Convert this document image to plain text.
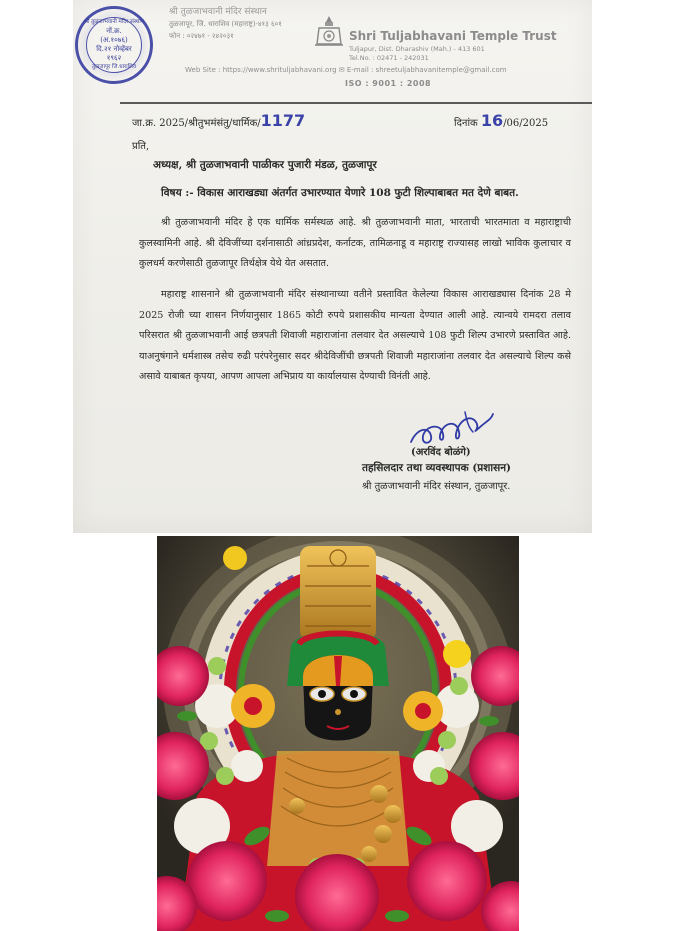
श्री तुळजाभवानी मंदिर संस्थान
नों.क्र.
(अ.१०७६)
दि.२१ नोव्हेंबर
१९६२
तुळजापूर जि.धाराशिव
श्री तुळजाभवानी मंदिर संस्थान
तुळजापूर, जि. धाराशिव (महाराष्ट्र)-४१३ ६०१
फोन : ०२४७१ - २४२०३१	Shri Tuljabhavani Temple Trust
Tuljapur, Dist. Dharashiv (Mah.) - 413 601
Tel.No. : 02471 - 242031
Web Site : https://www.shrituljabhavani.org ✉ E-mail : shreetuljabhavanitemple@gmail.com
ISO : 9001 : 2008
जा.क्र. 2025/श्रीतुभमंसंतु/धार्मिक/1177	दिनांक 16/06/2025
प्रति,
अध्यक्ष, श्री तुळजाभवानी पाळीकर पुजारी मंडळ, तुळजापूर
विषय :- विकास आराखड्या अंतर्गत उभारण्यात येणारे 108 फुटी शिल्पाबाबत मत देणे बाबत.
श्री तुळजाभवानी मंदिर हे एक धार्मिक सर्मस्थळ आहे. श्री तुळजाभवानी माता, भारताची भारतमाता व महाराष्ट्राची कुलस्वामिनी आहे. श्री देविजींच्या दर्शनासाठी आंध्रप्रदेश, कर्नाटक, तामिळनाडू व महाराष्ट्र राज्यासह लाखो भाविक कुलाचार व कुलधर्म करणेसाठी तुळजापूर तिर्थक्षेत्र येथे येत असतात.
महाराष्ट्र शासनाने श्री तुळजाभवानी मंदिर संस्थानाच्या वतीने प्रस्तावित केलेल्या विकास आराखड्यास दिनांक 28 मे 2025 रोजी च्या शासन निर्णयानुसार 1865 कोटी रुपये प्रशासकीय मान्यता देण्यात आली आहे. त्यान्वये रामदरा तलाव परिसरात श्री तुळजाभवानी आई छत्रपती शिवाजी महाराजांना तलवार देत असल्याचे 108 फुटी शिल्प उभारणे प्रस्तावित आहे. याअनुषंगाने धर्मशास्त्र तसेच रुढी परंपरेनुसार सदर श्रीदेविजींची छत्रपती शिवाजी महाराजांना तलवार देत असल्याचे शिल्प कसे असावे याबाबत कृपया, आपण आपला अभिप्राय या कार्यालयास देण्याची विनंती आहे.
(अरविंद बोळंगे)
तहसिलदार तथा व्यवस्थापक (प्रशासन)
श्री तुळजाभवानी मंदिर संस्थान, तुळजापूर.
